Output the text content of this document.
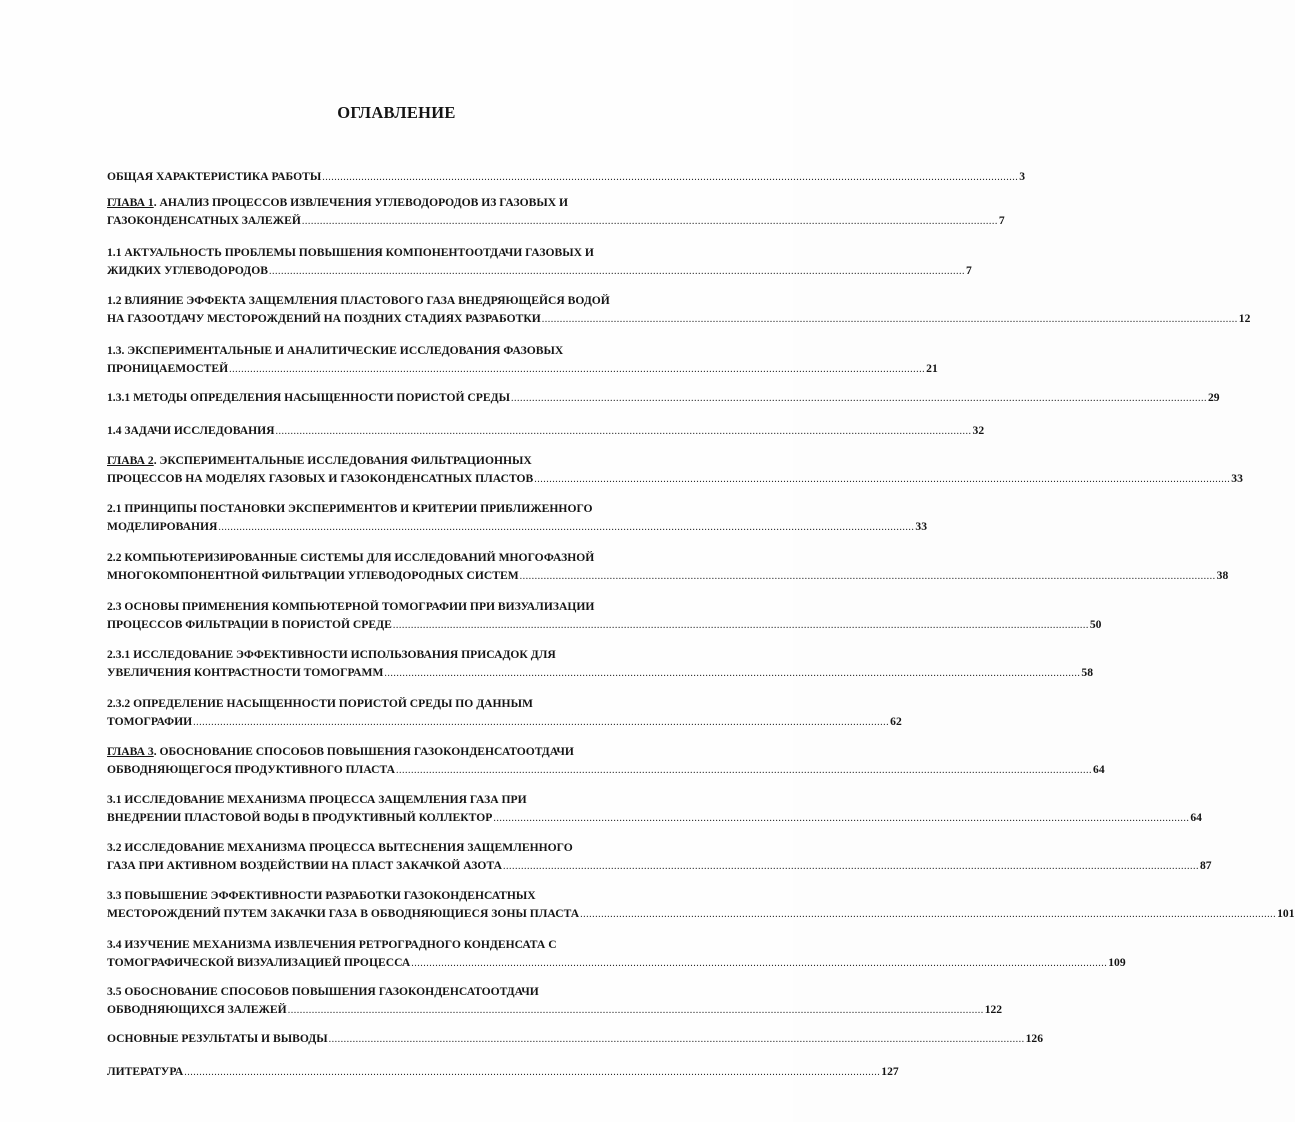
ОГЛАВЛЕНИЕ
ОБЩАЯ ХАРАКТЕРИСТИКА РАБОТЫ ........................................................................................................................................................................................................................................ 3
ГЛАВА 1. АНАЛИЗ ПРОЦЕССОВ ИЗВЛЕЧЕНИЯ УГЛЕВОДОРОДОВ ИЗ ГАЗОВЫХ И
ГАЗОКОНДЕНСАТНЫХ ЗАЛЕЖЕЙ ........................................................................................................................................................................................................................................ 7
1.1 АКТУАЛЬНОСТЬ ПРОБЛЕМЫ ПОВЫШЕНИЯ КОМПОНЕНТООТДАЧИ ГАЗОВЫХ И
ЖИДКИХ УГЛЕВОДОРОДОВ ........................................................................................................................................................................................................................................ 7
1.2 ВЛИЯНИЕ ЭФФЕКТА ЗАЩЕМЛЕНИЯ ПЛАСТОВОГО ГАЗА ВНЕДРЯЮЩЕЙСЯ ВОДОЙ
НА ГАЗООТДАЧУ МЕСТОРОЖДЕНИЙ НА ПОЗДНИХ СТАДИЯХ РАЗРАБОТКИ ........................................................................................................................................................................................................................................ 12
1.3. ЭКСПЕРИМЕНТАЛЬНЫЕ И АНАЛИТИЧЕСКИЕ ИССЛЕДОВАНИЯ ФАЗОВЫХ
ПРОНИЦАЕМОСТЕЙ ........................................................................................................................................................................................................................................ 21
1.3.1 МЕТОДЫ ОПРЕДЕЛЕНИЯ НАСЫЩЕННОСТИ ПОРИСТОЙ СРЕДЫ ........................................................................................................................................................................................................................................ 29
1.4 ЗАДАЧИ ИССЛЕДОВАНИЯ ........................................................................................................................................................................................................................................ 32
ГЛАВА 2. ЭКСПЕРИМЕНТАЛЬНЫЕ ИССЛЕДОВАНИЯ ФИЛЬТРАЦИОННЫХ
ПРОЦЕССОВ НА МОДЕЛЯХ ГАЗОВЫХ И ГАЗОКОНДЕНСАТНЫХ ПЛАСТОВ ........................................................................................................................................................................................................................................ 33
2.1 ПРИНЦИПЫ ПОСТАНОВКИ ЭКСПЕРИМЕНТОВ И КРИТЕРИИ ПРИБЛИЖЕННОГО
МОДЕЛИРОВАНИЯ ........................................................................................................................................................................................................................................ 33
2.2 КОМПЬЮТЕРИЗИРОВАННЫЕ СИСТЕМЫ ДЛЯ ИССЛЕДОВАНИЙ МНОГОФАЗНОЙ
МНОГОКОМПОНЕНТНОЙ ФИЛЬТРАЦИИ УГЛЕВОДОРОДНЫХ СИСТЕМ ........................................................................................................................................................................................................................................ 38
2.3 ОСНОВЫ ПРИМЕНЕНИЯ КОМПЬЮТЕРНОЙ ТОМОГРАФИИ ПРИ ВИЗУАЛИЗАЦИИ
ПРОЦЕССОВ ФИЛЬТРАЦИИ В ПОРИСТОЙ СРЕДЕ ........................................................................................................................................................................................................................................ 50
2.3.1 ИССЛЕДОВАНИЕ ЭФФЕКТИВНОСТИ ИСПОЛЬЗОВАНИЯ ПРИСАДОК ДЛЯ
УВЕЛИЧЕНИЯ КОНТРАСТНОСТИ ТОМОГРАММ ........................................................................................................................................................................................................................................ 58
2.3.2 ОПРЕДЕЛЕНИЕ НАСЫЩЕННОСТИ ПОРИСТОЙ СРЕДЫ ПО ДАННЫМ
ТОМОГРАФИИ ........................................................................................................................................................................................................................................ 62
ГЛАВА 3. ОБОСНОВАНИЕ СПОСОБОВ ПОВЫШЕНИЯ ГАЗОКОНДЕНСАТООТДАЧИ
ОБВОДНЯЮЩЕГОСЯ ПРОДУКТИВНОГО ПЛАСТА ........................................................................................................................................................................................................................................ 64
3.1 ИССЛЕДОВАНИЕ МЕХАНИЗМА ПРОЦЕССА ЗАЩЕМЛЕНИЯ ГАЗА ПРИ
ВНЕДРЕНИИ ПЛАСТОВОЙ ВОДЫ В ПРОДУКТИВНЫЙ КОЛЛЕКТОР ........................................................................................................................................................................................................................................ 64
3.2 ИССЛЕДОВАНИЕ МЕХАНИЗМА ПРОЦЕССА ВЫТЕСНЕНИЯ ЗАЩЕМЛЕННОГО
ГАЗА ПРИ АКТИВНОМ ВОЗДЕЙСТВИИ НА ПЛАСТ ЗАКАЧКОЙ АЗОТА ........................................................................................................................................................................................................................................ 87
3.3 ПОВЫШЕНИЕ ЭФФЕКТИВНОСТИ РАЗРАБОТКИ ГАЗОКОНДЕНСАТНЫХ
МЕСТОРОЖДЕНИЙ ПУТЕМ ЗАКАЧКИ ГАЗА В ОБВОДНЯЮЩИЕСЯ ЗОНЫ ПЛАСТА ........................................................................................................................................................................................................................................ 101
3.4 ИЗУЧЕНИЕ МЕХАНИЗМА ИЗВЛЕЧЕНИЯ РЕТРОГРАДНОГО КОНДЕНСАТА С
ТОМОГРАФИЧЕСКОЙ ВИЗУАЛИЗАЦИЕЙ ПРОЦЕССА ........................................................................................................................................................................................................................................ 109
3.5 ОБОСНОВАНИЕ СПОСОБОВ ПОВЫШЕНИЯ ГАЗОКОНДЕНСАТООТДАЧИ
ОБВОДНЯЮЩИХСЯ ЗАЛЕЖЕЙ ........................................................................................................................................................................................................................................ 122
ОСНОВНЫЕ РЕЗУЛЬТАТЫ И ВЫВОДЫ ........................................................................................................................................................................................................................................ 126
ЛИТЕРАТУРА ........................................................................................................................................................................................................................................ 127
